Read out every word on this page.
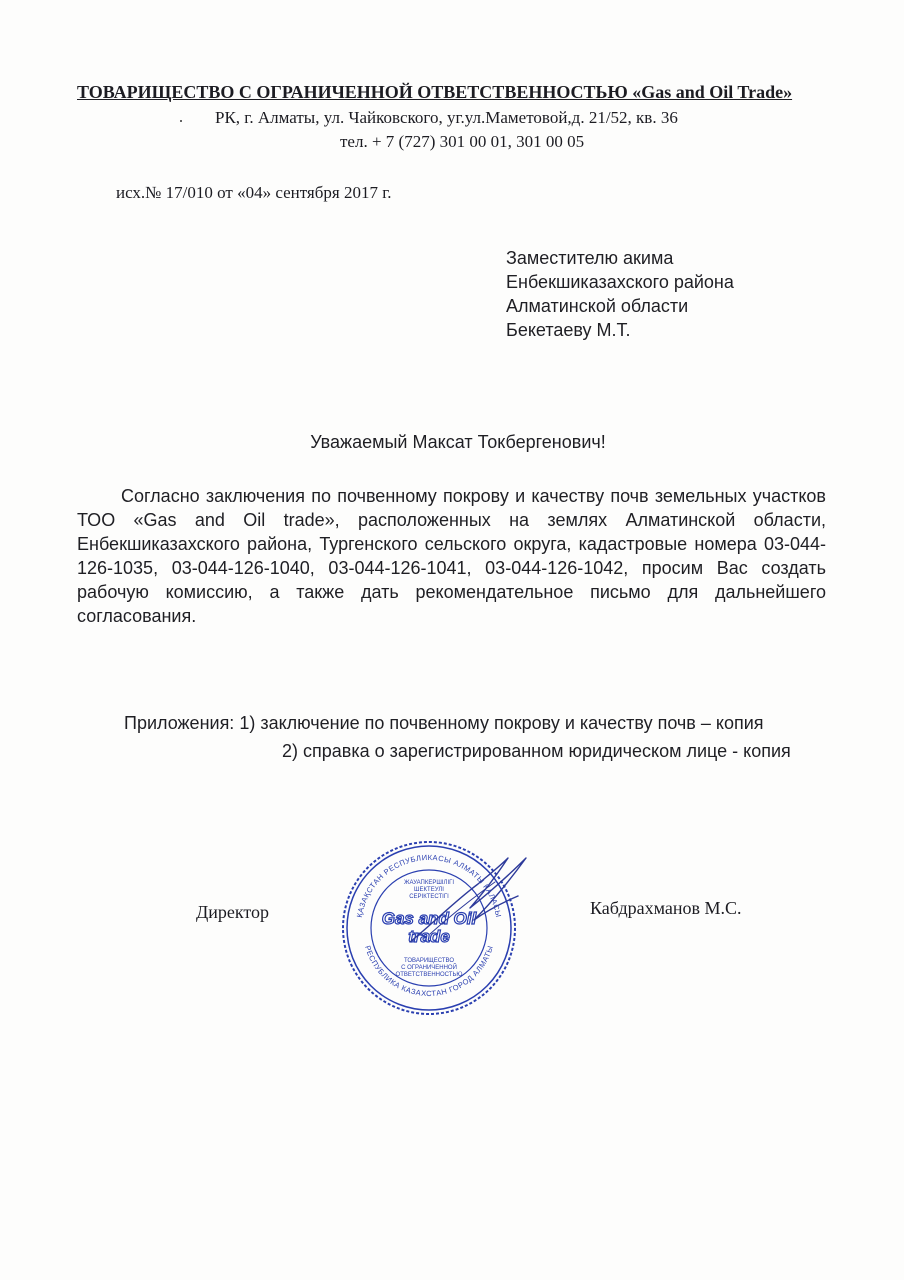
ТОВАРИЩЕСТВО С ОГРАНИЧЕННОЙ ОТВЕТСТВЕННОСТЬЮ «Gas and Oil Trade»
РК, г. Алматы, ул. Чайковского, уг.ул.Маметовой,д. 21/52, кв. 36
тел. + 7 (727) 301 00 01, 301 00 05
исх.№ 17/010 от «04» сентября 2017 г.
Заместителю акима
Енбекшиказахского района
Алматинской области
Бекетаеву М.Т.
Уважаемый Максат Токбергенович!

Согласно заключения по почвенному покрову и качеству почв земельных участков ТОО «Gas and Oil trade», расположенных на землях Алматинской области, Енбекшиказахского района, Тургенского сельского округа, кадастровые номера 03-044-126-1035, 03-044-126-1040, 03-044-126-1041, 03-044-126-1042, просим Вас создать рабочую комиссию, а также дать рекомендательное письмо для дальнейшего согласования.

Приложения: 1) заключение по почвенному покрову и качеству почв – копия
2) справка о зарегистрированном юридическом лице - копия
Директор	Кабдрахманов М.С.
ҚАЗАҚСТАН РЕСПУБЛИКАСЫ АЛМАТЫ ҚАЛАСЫ
РЕСПУБЛИКА КАЗАХСТАН ГОРОД АЛМАТЫ
ЖАУАПКЕРШІЛІГІ
ШЕКТЕУЛІ
СЕРІКТЕСТІГІ
Gas and Oil
trade
ТОВАРИЩЕСТВО
С ОГРАНИЧЕННОЙ
ОТВЕТСТВЕННОСТЬЮ
